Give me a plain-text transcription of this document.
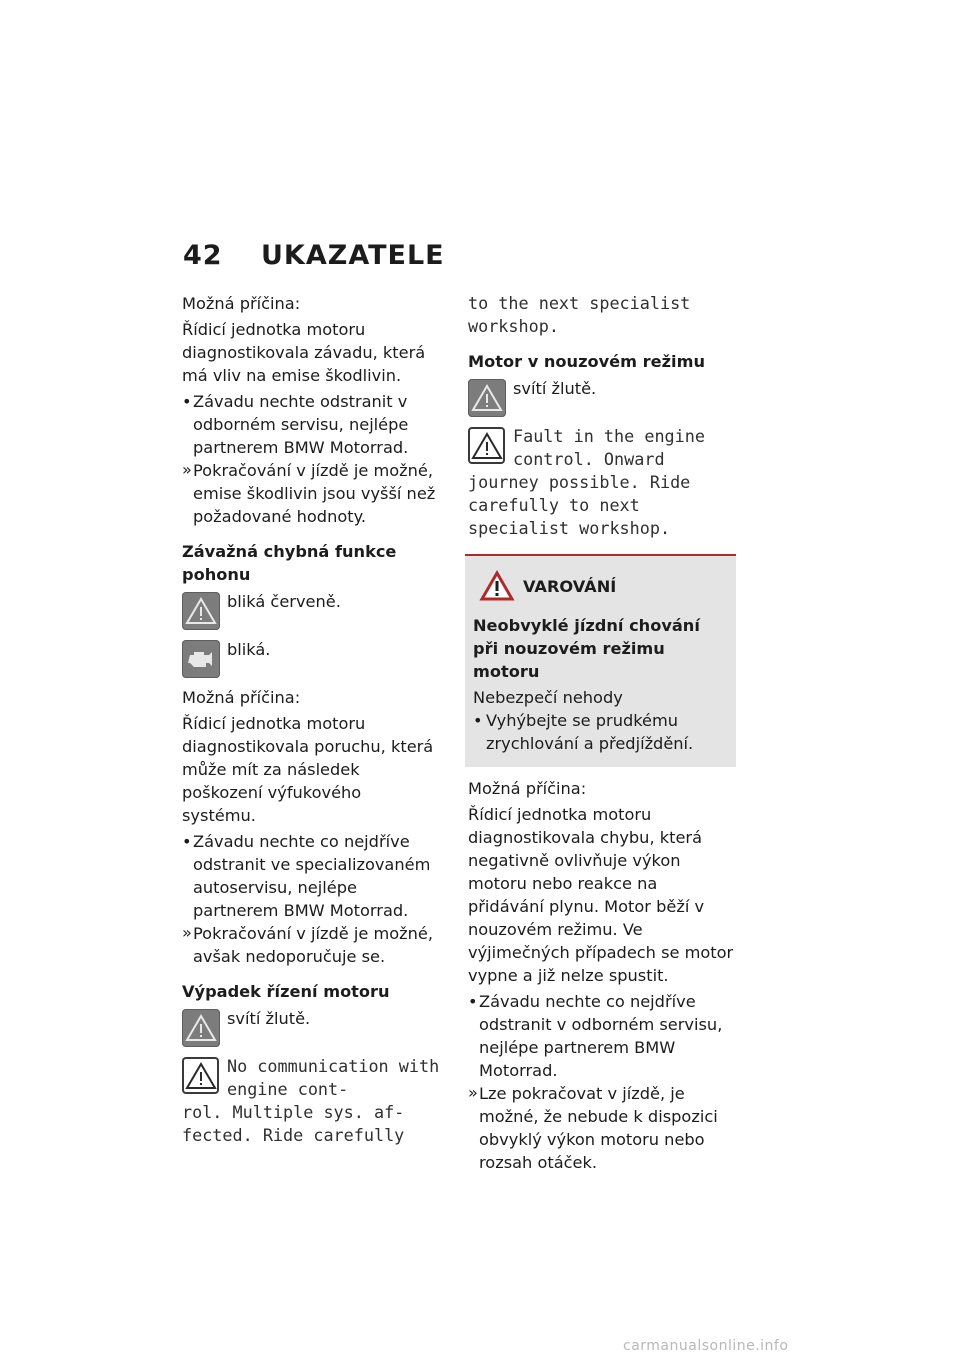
42 UKAZATELE

Možná příčina:

Řídicí jednotka motoru diagnostikovala závadu, která má vliv na emise škodlivin.

• Závadu nechte odstranit v odborném servisu, nejlépe partnerem BMW Motorrad.

» Pokračování v jízdě je možné, emise škodlivin jsou vyšší než požadované hodnoty.

Závažná chybná funkce pohonu

bliká červeně.
bliká.

Možná příčina:

Řídicí jednotka motoru diagnostikovala poruchu, která může mít za následek poškození výfukového systému.

• Závadu nechte co nejdříve odstranit ve specializovaném autoservisu, nejlépe partnerem BMW Motorrad.

» Pokračování v jízdě je možné, avšak nedoporučuje se.

Výpadek řízení motoru

svítí žlutě.
No communication with engine cont-
rol. Multiple sys. af-fected. Ride carefully
to the next specialist workshop.

Motor v nouzovém režimu

svítí žlutě.
Fault in the engine control. Onward
journey possible. Ride carefully to next specialist workshop.
VAROVÁNÍ

Neobvyklé jízdní chování při nouzovém režimu motoru

Nebezpečí nehody

• Vyhýbejte se prudkému zrychlování a předjíždění.

Možná příčina:

Řídicí jednotka motoru diagnostikovala chybu, která negativně ovlivňuje výkon motoru nebo reakce na přidávání plynu. Motor běží v nouzovém režimu. Ve výjimečných případech se motor vypne a již nelze spustit.

• Závadu nechte co nejdříve odstranit v odborném servisu, nejlépe partnerem BMW Motorrad.

» Lze pokračovat v jízdě, je možné, že nebude k dispozici obvyklý výkon motoru nebo rozsah otáček.

carmanualsonline.info
